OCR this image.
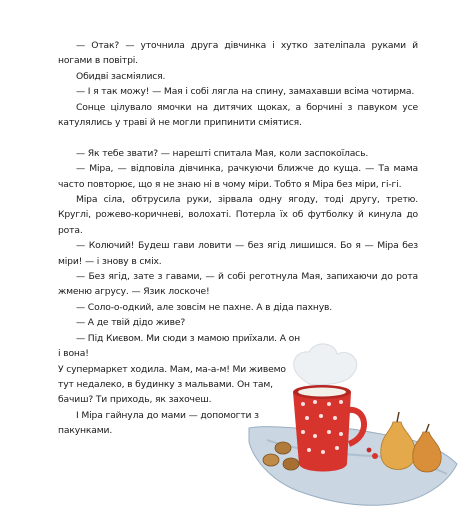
— Отак? — уточнила друга дівчинка і хутко зателіпала руками й ногами в повітрі.

Обидві засміялися.

— І я так можу! — Мая і собі лягла на спину, замахавши всіма чотирма.

Сонце цілувало ямочки на дитячих щоках, а борчині з павуком усе катулялись у траві й не могли припинити сміятися.

— Як тебе звати? — нарешті спитала Мая, коли заспокоїлась.

— Міра, — відповіла дівчинка, рачкуючи ближче до куща. — Та мама часто повторює, що я не знаю ні в чому міри. Тобто я Міра без міри, гі-гі.

Міра сіла, обтрусила руки, зірвала одну ягоду, тоді другу, третю. Круглі, рожево-коричневі, волохаті. Потерла їх об футболку й кинула до рота.

— Колючий! Будеш гави ловити — без ягід лишишся. Бо я — Міра без міри! — і знову в сміх.

— Без ягід, зате з гавами, — й собі реготнула Мая, запихаючи до рота жменю агрусу. — Язик лоскоче!

— Соло-о-одкий, але зовсім не пахне. А в діда пахнув.

— А де твій дідо живе?

— Під Києвом. Ми сюди з мамою приїхали. А он і вона!

У супермаркет ходила. Мам, ма-а-м! Ми живемо тут недалеко, в будинку з мальвами. Он там, бачиш? Ти приходь, як захочеш.

І Міра гайнула до мами — допомогти з пакунками.
